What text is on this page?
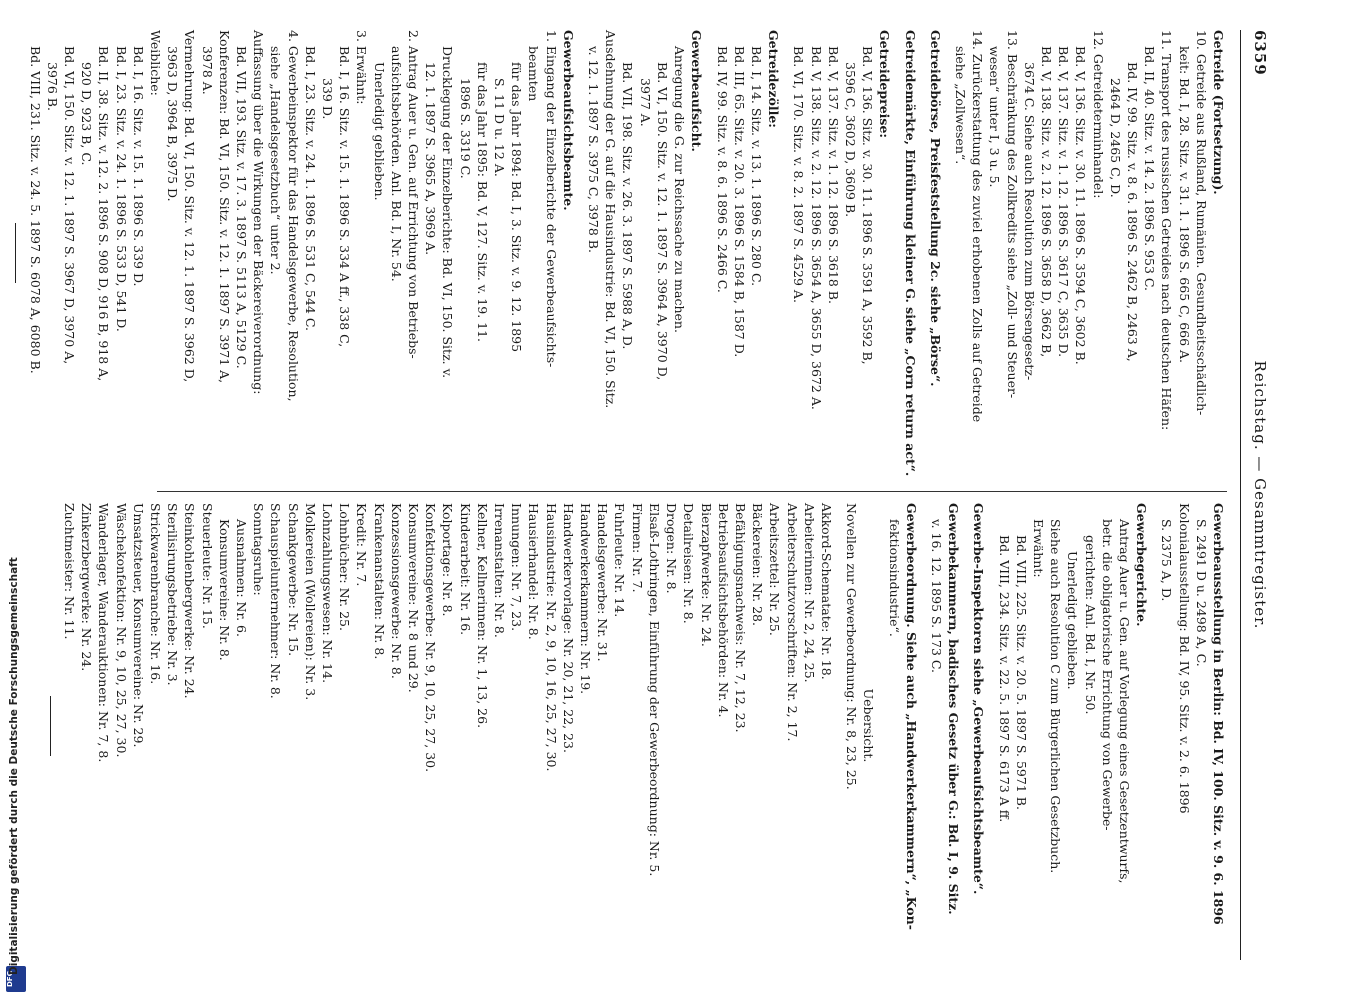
6359
Reichstag. — Gesammtregister.
Getreide (Fortsetzung).
10. Getreide aus Rußland, Rumänien. Gesundheitsschädlich-
keit: Bd. I, 28. Sitz. v. 31. 1. 1896 S. 665 C, 666 A.
11. Transport des russischen Getreides nach deutschen Häfen:
Bd. II, 40. Sitz. v. 14. 2. 1896 S. 953 C.
Bd. IV, 99. Sitz. v. 8. 6. 1896 S. 2462 B, 2463 A,
2464 D, 2465 C, D.
12. Getreideterminhandel:
Bd. V, 136. Sitz. v. 30. 11. 1896 S. 3594 C, 3602 B.
Bd. V, 137. Sitz. v. 1. 12. 1896 S. 3617 C, 3635 D.
Bd. V, 138. Sitz. v. 2. 12. 1896 S. 3658 D, 3662 B,
3674 C. Siehe auch Resolution zum Börsengesetz-
13. Beschränkung des Zollkredits siehe „Zoll- und Steuer-
wesen“ unter I, 3 u. 5.
14. Zurückerstattung des zuviel erhobenen Zolls auf Getreide
siehe „Zollwesen“.
Getreidebörse, Preisfeststellung 2c. siehe „Börse“.
Getreidemärkte, Einführung kleiner G. siehe „Corn return act“.
Getreidepreise:
Bd. V, 136. Sitz. v. 30. 11. 1896 S. 3591 A, 3592 B,
3596 C, 3602 D, 3609 B.
Bd. V, 137. Sitz. v. 1. 12. 1896 S. 3618 B.
Bd. V, 138. Sitz. v. 2. 12. 1896 S. 3654 A, 3655 D, 3672 A.
Bd. VI, 170. Sitz. v. 8. 2. 1897 S. 4529 A.
Getreidezölle:
Bd. I, 14. Sitz. v. 13. 1. 1896 S. 280 C.
Bd. III, 65. Sitz. v. 20. 3. 1896 S. 1584 B, 1587 D.
Bd. IV, 99. Sitz. v. 8. 6. 1896 S. 2466 C.
Gewerbeaufsicht.
Anregung die G. zur Reichssache zu machen.
Bd. VI, 150. Sitz. v. 12. 1. 1897 S. 3964 A, 3970 D,
3977 A.
Bd. VII, 198. Sitz. v. 26. 3. 1897 S. 5988 A, D.
Ausdehnung der G. auf die Hausindustrie: Bd. VI, 150. Sitz.
v. 12. 1. 1897 S. 3975 C, 3978 B.
Gewerbeaufsichtsbeamte.
1. Eingang der Einzelberichte der Gewerbeaufsichts-
beamten
für das Jahr 1894: Bd. I, 3. Sitz. v. 9. 12. 1895
S. 11 D u. 12 A.
für das Jahr 1895: Bd. V, 127. Sitz. v. 19. 11.
1896 S. 3319 C.
Drucklegung der Einzelberichte: Bd. VI, 150. Sitz. v.
12. 1. 1897 S. 3965 A, 3969 A.
2. Antrag Auer u. Gen. auf Errichtung von Betriebs-
aufsichtsbehörden. Anl. Bd. I, Nr. 54.
Unerledigt geblieben.
3. Erwähnt:
Bd. I, 16. Sitz. v. 15. 1. 1896 S. 334 A ff., 338 C,
339 D.
Bd. I, 23. Sitz. v. 24. 1. 1896 S. 531 C, 544 C.
4. Gewerbeinspektor für das Handelsgewerbe, Resolution,
siehe „Handelsgesetzbuch“ unter 2.
Auffassung über die Wirkungen der Bäckereiverordnung:
Bd. VII, 193. Sitz. v. 17. 3. 1897 S. 5113 A, 5129 C.
Konferenzen: Bd. VI, 150. Sitz. v. 12. 1. 1897 S. 3971 A,
3978 A.
Vermehrung: Bd. VI, 150. Sitz. v. 12. 1. 1897 S. 3962 D,
3963 D, 3964 B, 3975 D.
Weibliche:
Bd. I, 16. Sitz. v. 15. 1. 1896 S. 339 D.
Bd. I, 23. Sitz. v. 24. 1. 1896 S. 533 D, 541 D.
Bd. II, 38. Sitz. v. 12. 2. 1896 S. 908 D, 916 B, 918 A,
920 D, 923 B, C.
Bd. VI, 150. Sitz. v. 12. 1. 1897 S. 3967 D, 3970 A,
3976 B.
Bd. VIII, 231. Sitz. v. 24. 5. 1897 S. 6078 A, 6080 B.
Gewerbeausstellung in Berlin: Bd. IV, 100. Sitz. v. 9. 6. 1896
S. 2491 D u. 2498 A, C.
Kolonialausstellung: Bd. IV, 95. Sitz. v. 2. 6. 1896
S. 2375 A, D.
Gewerbegerichte.
Antrag Auer u. Gen. auf Vorlegung eines Gesetzentwurfs,
betr. die obligatorische Errichtung von Gewerbe-
gerichten: Anl. Bd. I, Nr. 50.
Unerledigt geblieben.
Siehe auch Resolution C zum Bürgerlichen Gesetzbuch.
Erwähnt:
Bd. VIII, 225. Sitz. v. 20. 5. 1897 S. 5971 B.
Bd. VIII, 234. Sitz. v. 22. 5. 1897 S. 6173 A ff.
Gewerbe-Inspektoren siehe „Gewerbeaufsichtsbeamte“.
Gewerbekammern, badisches Gesetz über G.: Bd. I, 9. Sitz.
v. 16. 12. 1895 S. 173 C.
Gewerbeordnung. Siehe auch „Handwerkerkammern“, „Kon-
fektionsindustrie“.
Uebersicht.
Novellen zur Gewerbeordnung: Nr. 8, 23, 25.
Akkord-Schematate: Nr. 18.
Arbeiterinnen: Nr. 2, 24, 25.
Arbeiterschutzvorschriften: Nr. 2, 17.
Arbeitszettel: Nr. 25.
Bäckereien: Nr. 28.
Befähigungsnachweis: Nr. 7, 12, 23.
Betriebsaufsichtsbehörden: Nr. 4.
Bierzapfwerke: Nr. 24.
Detailreisen: Nr. 8.
Drogen: Nr. 8.
Elsaß-Lothringen, Einführung der Gewerbeordnung: Nr. 5.
Firmen: Nr. 7.
Fuhrleute: Nr. 14.
Handelsgewerbe: Nr. 31.
Handwerkerkammern: Nr. 19.
Handwerkervorlage: Nr. 20, 21, 22, 23.
Hausindustrie: Nr. 2, 9, 10, 16, 25, 27, 30.
Hausierhandel: Nr. 8.
Innungen: Nr. 7, 23.
Irrenanstalten: Nr. 8.
Kellner, Kellnerinnen: Nr. 1, 13, 26.
Kinderarbeit: Nr. 16.
Kolportage: Nr. 8.
Konfektionsgewerbe: Nr. 9, 10, 25, 27, 30.
Konsumvereine: Nr. 8 und 29.
Konzessionsgewerbe: Nr. 8.
Krankenanstalten: Nr. 8.
Kredit: Nr. 7.
Lohnbücher: Nr. 25.
Lohnzahlungswesen: Nr. 14.
Molkereien (Wollereien): Nr. 3.
Schankgewerbe: Nr. 15.
Schauspielunternehmer: Nr. 8.
Sonntagsruhe:
Ausnahmen: Nr. 6.
Konsumvereine: Nr. 8.
Steuerleute: Nr. 15.
Steinkohlenbergwerke: Nr. 24.
Sterilisirungsbetriebe: Nr. 3.
Strickwarenbranche: Nr. 16.
Umsatzsteuer, Konsumvereine: Nr. 29.
Wäschekonfektion: Nr. 9, 10, 25, 27, 30.
Wanderlager, Wanderauktionen: Nr. 7, 8.
Zinkerzbergwerke: Nr. 24.
Zuchtmeister: Nr. 11.
DFG
Digitalisierung gefördert durch die Deutsche Forschungsgemeinschaft
